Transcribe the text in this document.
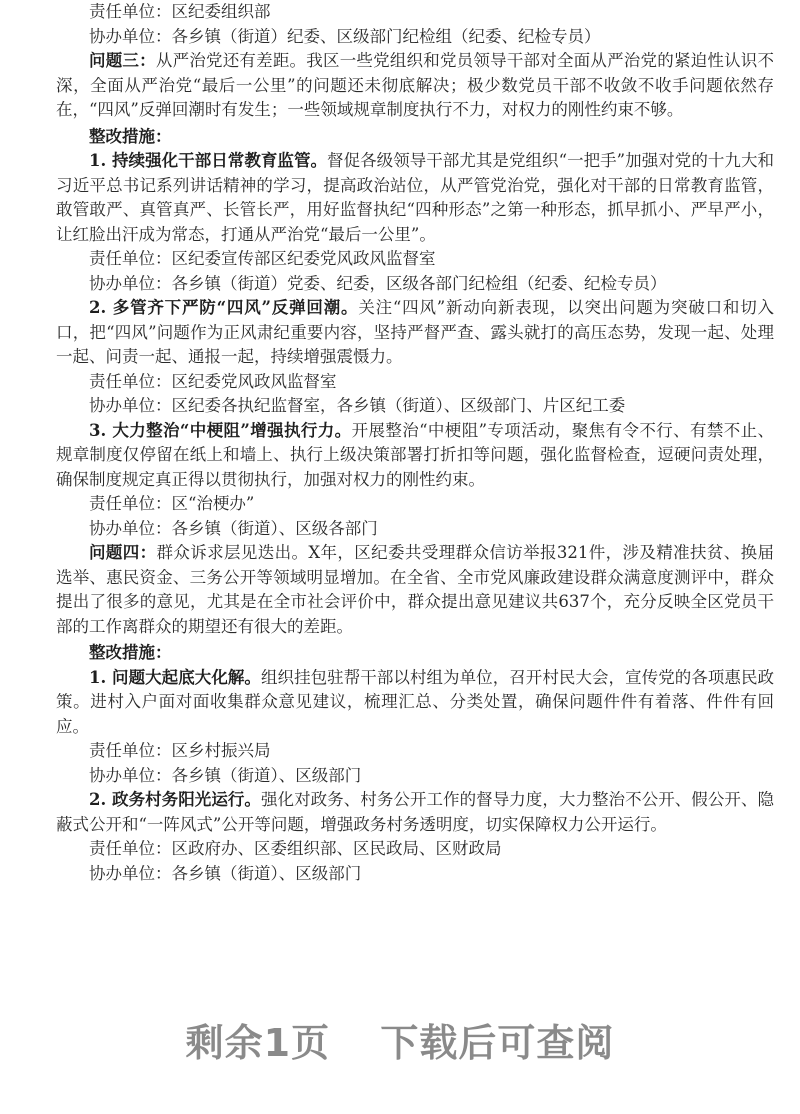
责任单位：区纪委组织部

协办单位：各乡镇（街道）纪委、区级部门纪检组（纪委、纪检专员）

问题三：从严治党还有差距。我区一些党组织和党员领导干部对全面从严治党的紧迫性认识不深，全面从严治党“最后一公里”的问题还未彻底解决；极少数党员干部不收敛不收手问题依然存在，“四风”反弹回潮时有发生；一些领域规章制度执行不力，对权力的刚性约束不够。

整改措施：

1. 持续强化干部日常教育监管。督促各级领导干部尤其是党组织“一把手”加强对党的十九大和习近平总书记系列讲话精神的学习，提高政治站位，从严管党治党，强化对干部的日常教育监管，敢管敢严、真管真严、长管长严，用好监督执纪“四种形态”之第一种形态，抓早抓小、严早严小，让红脸出汗成为常态，打通从严治党“最后一公里”。

责任单位：区纪委宣传部区纪委党风政风监督室

协办单位：各乡镇（街道）党委、纪委，区级各部门纪检组（纪委、纪检专员）

2. 多管齐下严防“四风”反弹回潮。关注“四风”新动向新表现，以突出问题为突破口和切入口，把“四风”问题作为正风肃纪重要内容，坚持严督严查、露头就打的高压态势，发现一起、处理一起、问责一起、通报一起，持续增强震慑力。

责任单位：区纪委党风政风监督室

协办单位：区纪委各执纪监督室，各乡镇（街道）、区级部门、片区纪工委

3. 大力整治“中梗阻”增强执行力。开展整治“中梗阻”专项活动，聚焦有令不行、有禁不止、规章制度仅停留在纸上和墙上、执行上级决策部署打折扣等问题，强化监督检查，逗硬问责处理，确保制度规定真正得以贯彻执行，加强对权力的刚性约束。

责任单位：区“治梗办”

协办单位：各乡镇（街道）、区级各部门

问题四：群众诉求层见迭出。X年，区纪委共受理群众信访举报321件，涉及精准扶贫、换届选举、惠民资金、三务公开等领域明显增加。在全省、全市党风廉政建设群众满意度测评中，群众提出了很多的意见，尤其是在全市社会评价中，群众提出意见建议共637个，充分反映全区党员干部的工作离群众的期望还有很大的差距。

整改措施：

1. 问题大起底大化解。组织挂包驻帮干部以村组为单位，召开村民大会，宣传党的各项惠民政策。进村入户面对面收集群众意见建议，梳理汇总、分类处置，确保问题件件有着落、件件有回应。

责任单位：区乡村振兴局

协办单位：各乡镇（街道）、区级部门

2. 政务村务阳光运行。强化对政务、村务公开工作的督导力度，大力整治不公开、假公开、隐蔽式公开和“一阵风式”公开等问题，增强政务村务透明度，切实保障权力公开运行。

责任单位：区政府办、区委组织部、区民政局、区财政局

协办单位：各乡镇（街道）、区级部门

剩余1页 下载后可查阅
